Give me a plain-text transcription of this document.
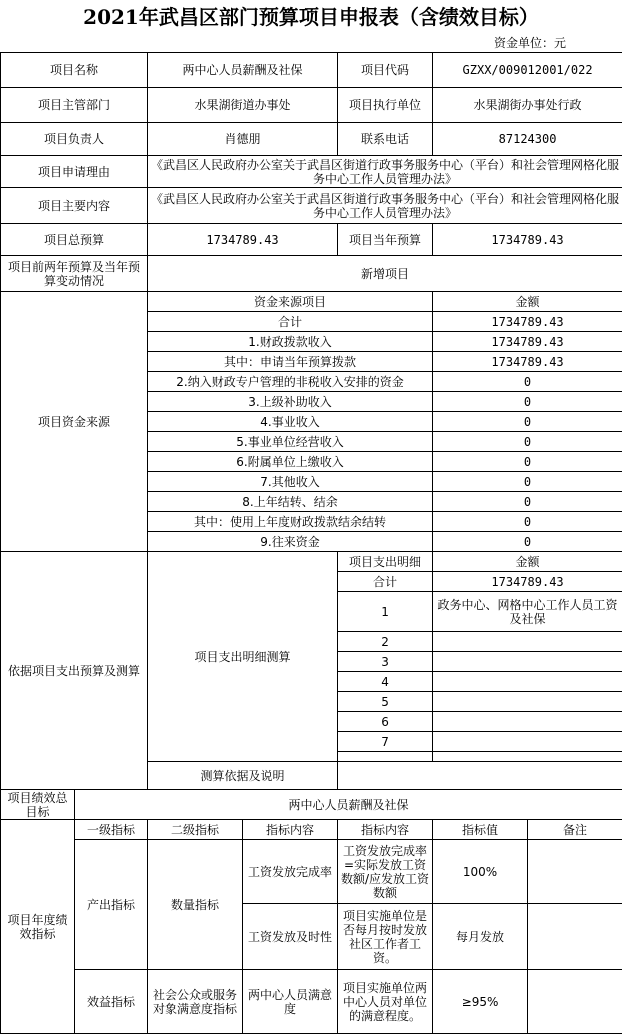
2021年武昌区部门预算项目申报表（含绩效目标）
资金单位：元
项目名称		两中心人员薪酬及社保		项目代码	GZXX/009012001/022	
项目主管部门		水果湖街道办事处		项目执行单位	水果湖街办事处行政	
项目负责人		肖德朋		联系电话	87124300	
项目申请理由		《武昌区人民政府办公室关于武昌区街道行政事务服务中心（平台）和社会管理网格化服务中心工作人员管理办法》				
项目主要内容		《武昌区人民政府办公室关于武昌区街道行政事务服务中心（平台）和社会管理网格化服务中心工作人员管理办法》				
项目总预算		1734789.43		项目当年预算	1734789.43	
项目前两年预算及当年预算变动情况		新增项目				
项目资金来源		资金来源项目			金额	
		合计			1734789.43	
		1.财政拨款收入			1734789.43	
		其中：申请当年预算拨款			1734789.43	
		2.纳入财政专户管理的非税收入安排的资金			0	
		3.上级补助收入			0	
		4.事业收入			0	
		5.事业单位经营收入			0	
		6.附属单位上缴收入			0	
		7.其他收入			0	
		8.上年结转、结余			0	
		其中：使用上年度财政拨款结余结转			0	
		9.往来资金			0	
依据项目支出预算及测算		项目支出明细测算		项目支出明细	金额	
				合计	1734789.43	
				1	政务中心、网格中心工作人员工资及社保	
				2		
				3		
				4		
				5		
				6		
				7		

		测算依据及说明				
项目绩效总目标	两中心人员薪酬及社保					
项目年度绩效指标	一级指标	二级指标	指标内容	指标内容	指标值	备注
	产出指标	数量指标	工资发放完成率	工资发放完成率=实际发放工资数额/应发放工资数额	100%	
			工资发放及时性	项目实施单位是否每月按时发放社区工作者工资。	每月发放	
	效益指标	社会公众或服务对象满意度指标	两中心人员满意度	项目实施单位两中心人员对单位的满意程度。	≥95%	
